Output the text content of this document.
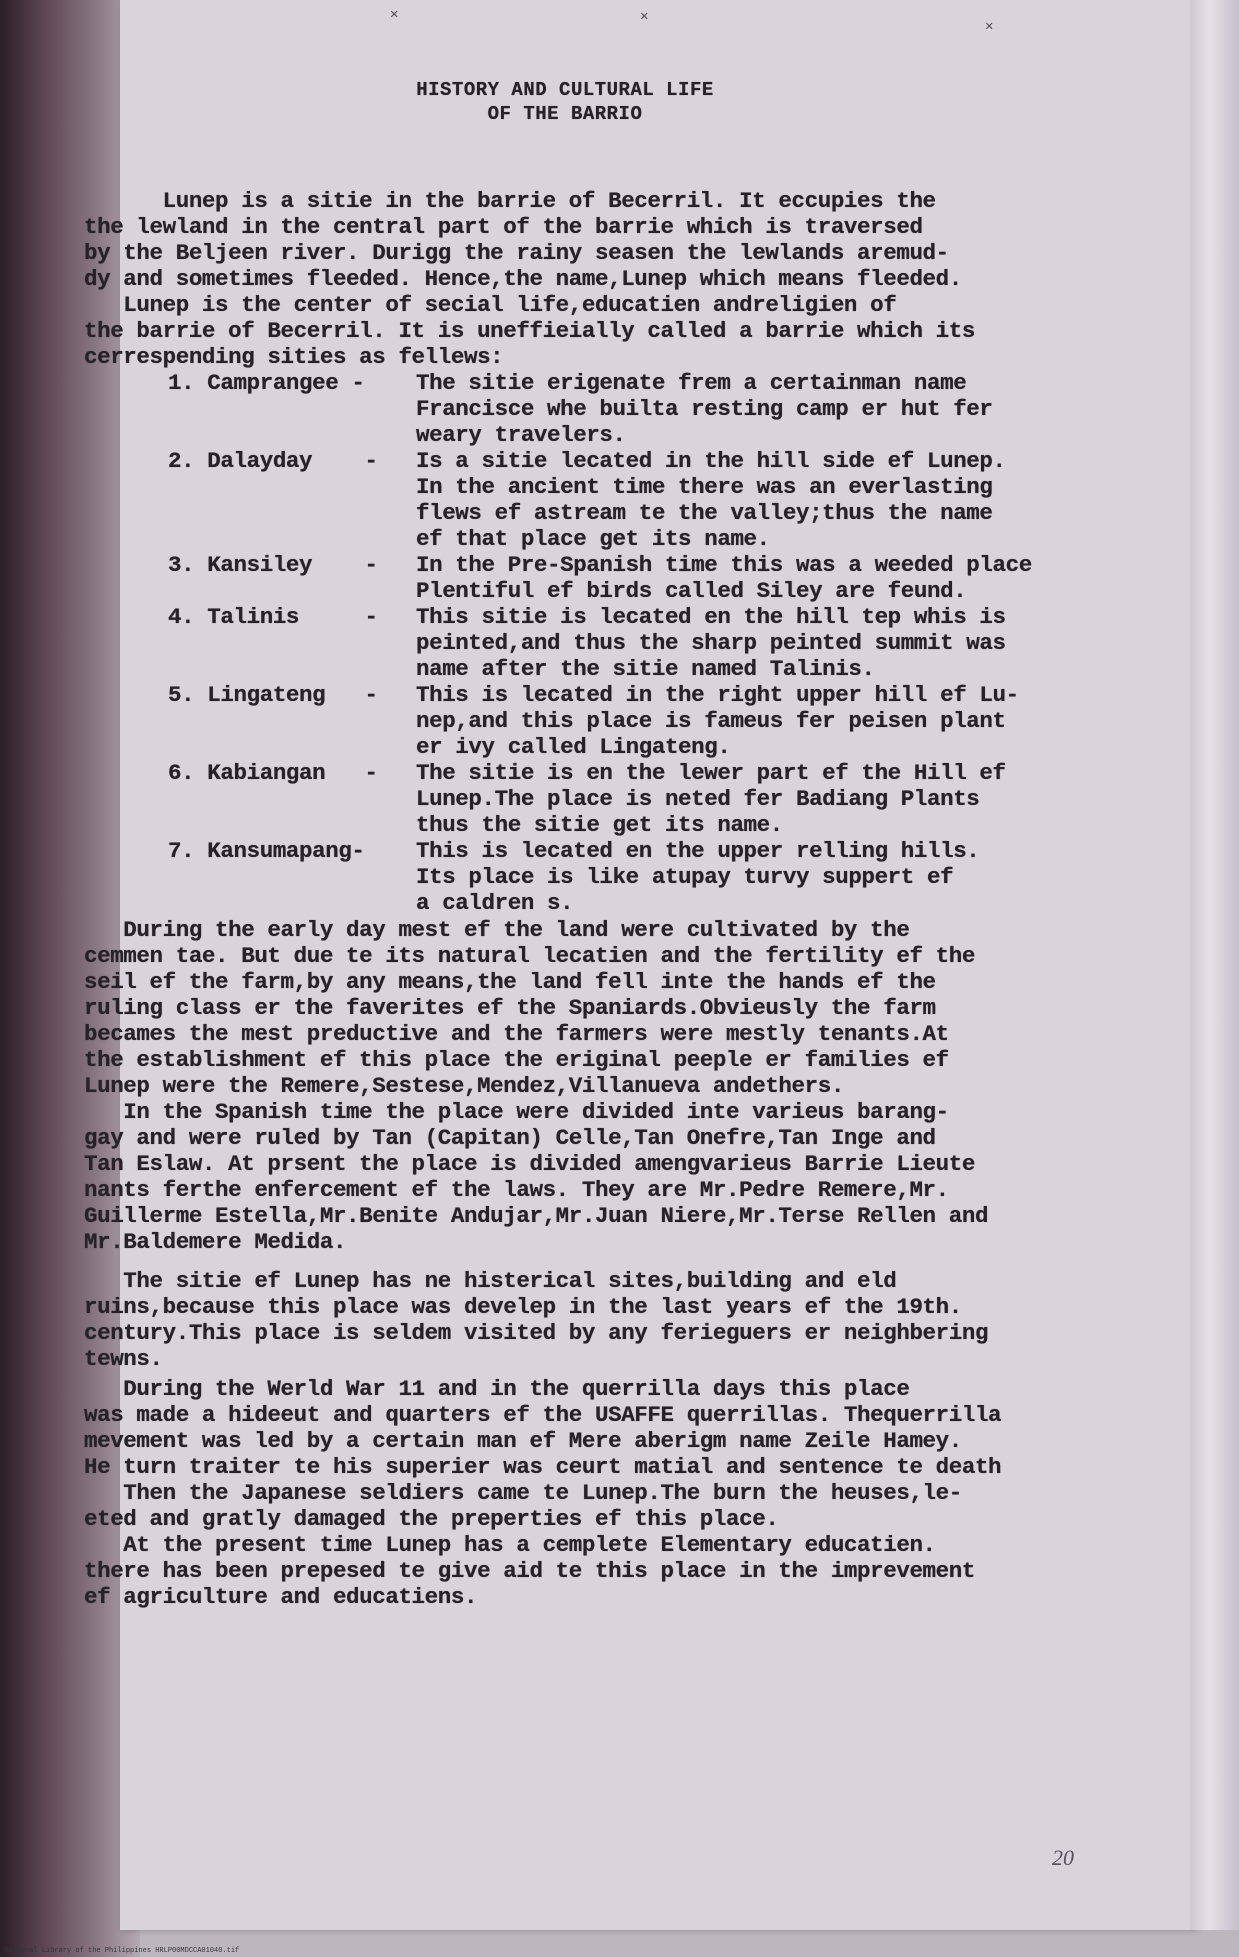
✕	✕
✕
HISTORY AND CULTURAL LIFE
OF THE BARRIO

Lunep is a sitie in the barrie of Becerril. It eccupies the

the lewland in the central part of the barrie which is traversed

by the Beljeen river. Durigg the rainy seasen the lewlands aremud-

dy and sometimes fleeded. Hence,the name,Lunep which means fleeded.

Lunep is the center of secial life,educatien andreligien of

the barrie of Becerril. It is uneffieially called a barrie which its

cerrespending sities as fellews:

1. Camprangee -	The sitie erigenate frem a certainman name
Francisce whe builta resting camp er hut fer
weary travelers.
2. Dalayday    -	Is a sitie lecated in the hill side ef Lunep.
In the ancient time there was an everlasting
flews ef astream te the valley;thus the name
ef that place get its name.
3. Kansiley    -	In the Pre-Spanish time this was a weeded place
Plentiful ef birds called Siley are feund.
4. Talinis     -	This sitie is lecated en the hill tep whis is
peinted,and thus the sharp peinted summit was
name after the sitie named Talinis.
5. Lingateng   -	This is lecated in the right upper hill ef Lu-
nep,and this place is fameus fer peisen plant
er ivy called Lingateng.
6. Kabiangan   -	The sitie is en the lewer part ef the Hill ef
Lunep.The place is neted fer Badiang Plants
thus the sitie get its name.
7. Kansumapang-	This is lecated en the upper relling hills.
Its place is like atupay turvy suppert ef
a caldren s.

During the early day mest ef the land were cultivated by the

cemmen tae. But due te its natural lecatien and the fertility ef the

seil ef the farm,by any means,the land fell inte the hands ef the

ruling class er the faverites ef the Spaniards.Obvieusly the farm

becames the mest preductive and the farmers were mestly tenants.At

the establishment ef this place the eriginal peeple er families ef

Lunep were the Remere,Sestese,Mendez,Villanueva andethers.

In the Spanish time the place were divided inte varieus barang-

gay and were ruled by Tan (Capitan) Celle,Tan Onefre,Tan Inge and

Tan Eslaw. At prsent the place is divided amengvarieus Barrie Lieute

nants ferthe enfercement ef the laws. They are Mr.Pedre Remere,Mr.

Guillerme Estella,Mr.Benite Andujar,Mr.Juan Niere,Mr.Terse Rellen and

Mr.Baldemere Medida.

The sitie ef Lunep has ne histerical sites,building and eld

ruins,because this place was develep in the last years ef the 19th.

century.This place is seldem visited by any ferieguers er neighbering

tewns.

During the Werld War 11 and in the querrilla days this place

was made a hideeut and quarters ef the USAFFE querrillas. Thequerrilla

mevement was led by a certain man ef Mere aberigm name Zeile Hamey.

He turn traiter te his superier was ceurt matial and sentence te death

Then the Japanese seldiers came te Lunep.The burn the heuses,le-

eted and gratly damaged the preperties ef this place.

At the present time Lunep has a cemplete Elementary educatien.

there has been prepesed te give aid te this place in the imprevement

ef agriculture and educatiens.

20
National Library of the Philippines HRLP00MDCCA01040.tif
